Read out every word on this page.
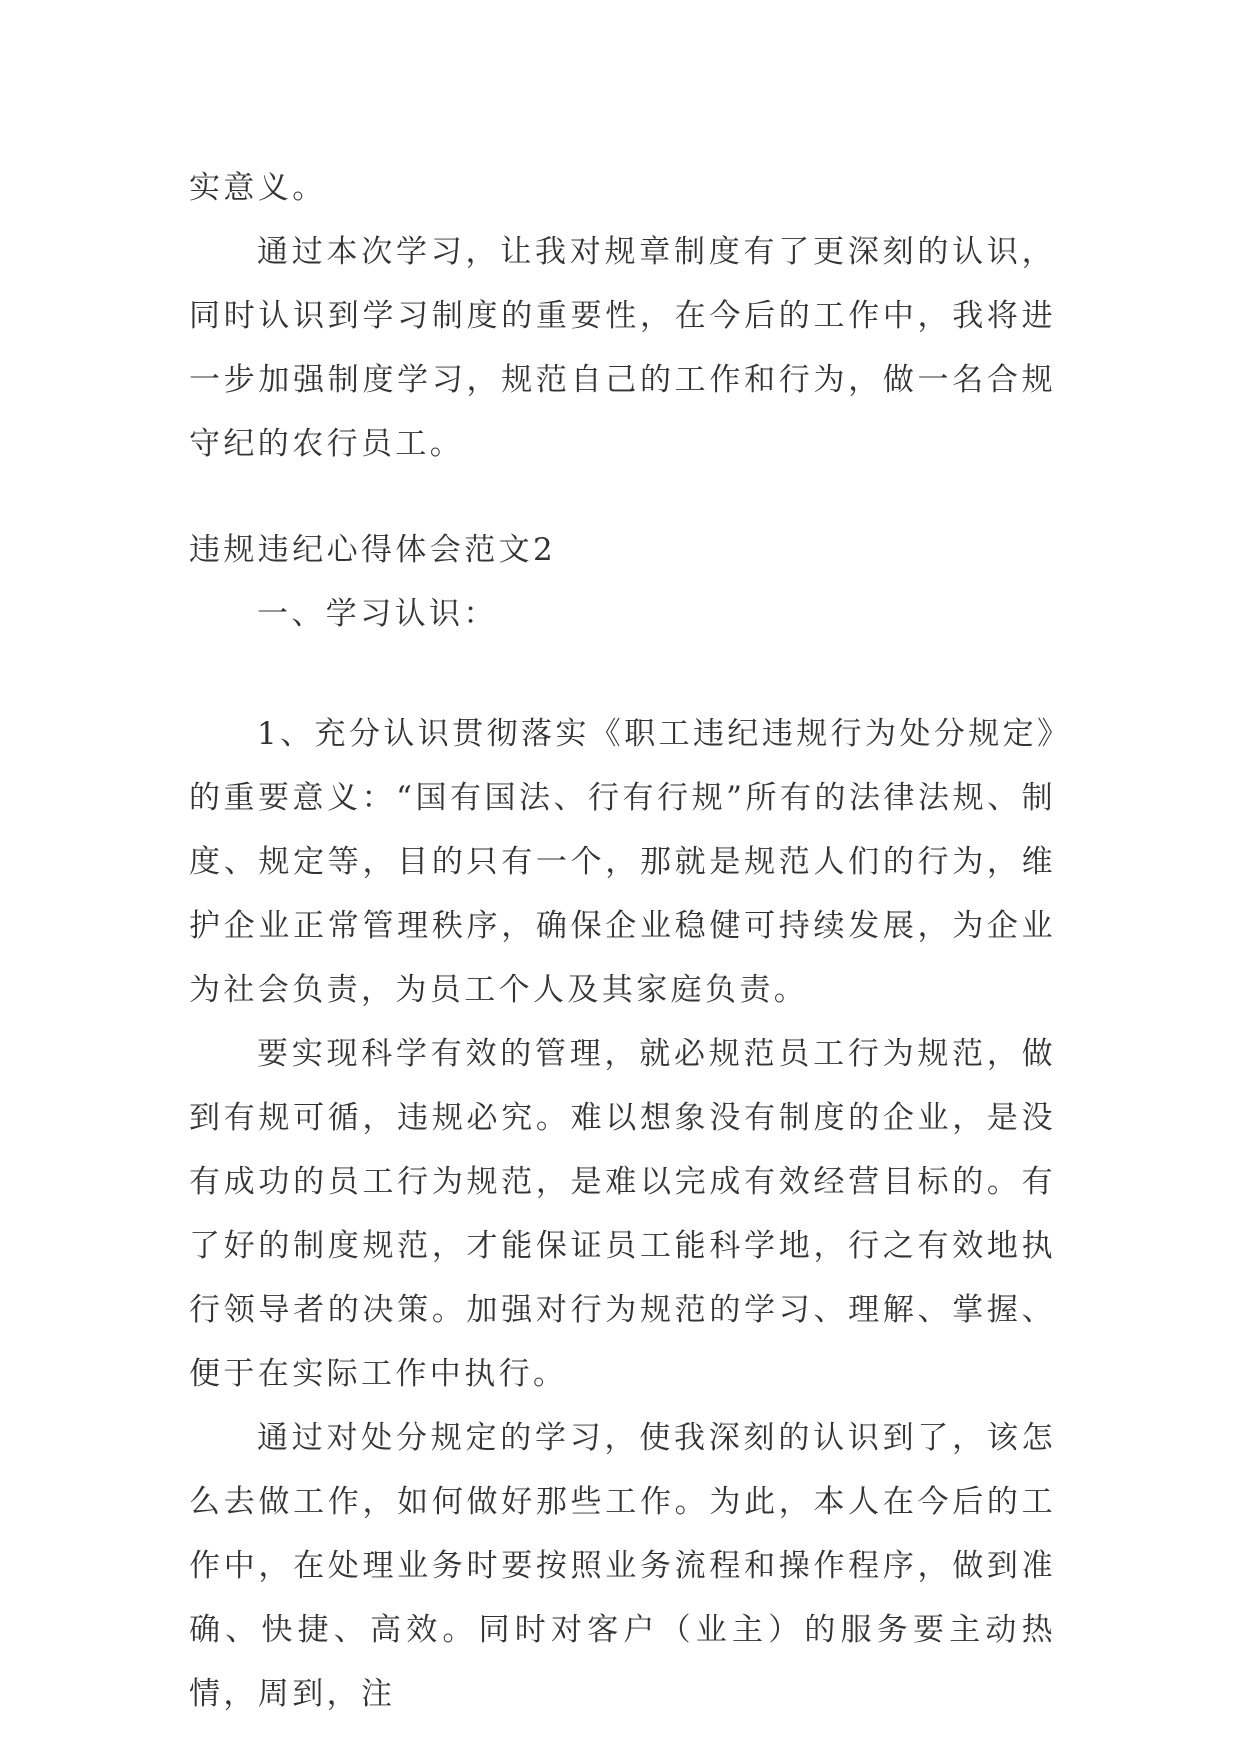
实意义。

通过本次学习，让我对规章制度有了更深刻的认识，同时认识到学习制度的重要性，在今后的工作中，我将进一步加强制度学习，规范自己的工作和行为，做一名合规守纪的农行员工。

违规违纪心得体会范文2

一、学习认识：

1、充分认识贯彻落实《职工违纪违规行为处分规定》的重要意义：“国有国法、行有行规”所有的法律法规、制度、规定等，目的只有一个，那就是规范人们的行为，维护企业正常管理秩序，确保企业稳健可持续发展，为企业为社会负责，为员工个人及其家庭负责。

要实现科学有效的管理，就必规范员工行为规范，做到有规可循，违规必究。难以想象没有制度的企业，是没有成功的员工行为规范，是难以完成有效经营目标的。有了好的制度规范，才能保证员工能科学地，行之有效地执行领导者的决策。加强对行为规范的学习、理解、掌握、便于在实际工作中执行。

通过对处分规定的学习，使我深刻的认识到了，该怎么去做工作，如何做好那些工作。为此，本人在今后的工作中，在处理业务时要按照业务流程和操作程序，做到准确、快捷、高效。同时对客户（业主）的服务要主动热情，周到，注
